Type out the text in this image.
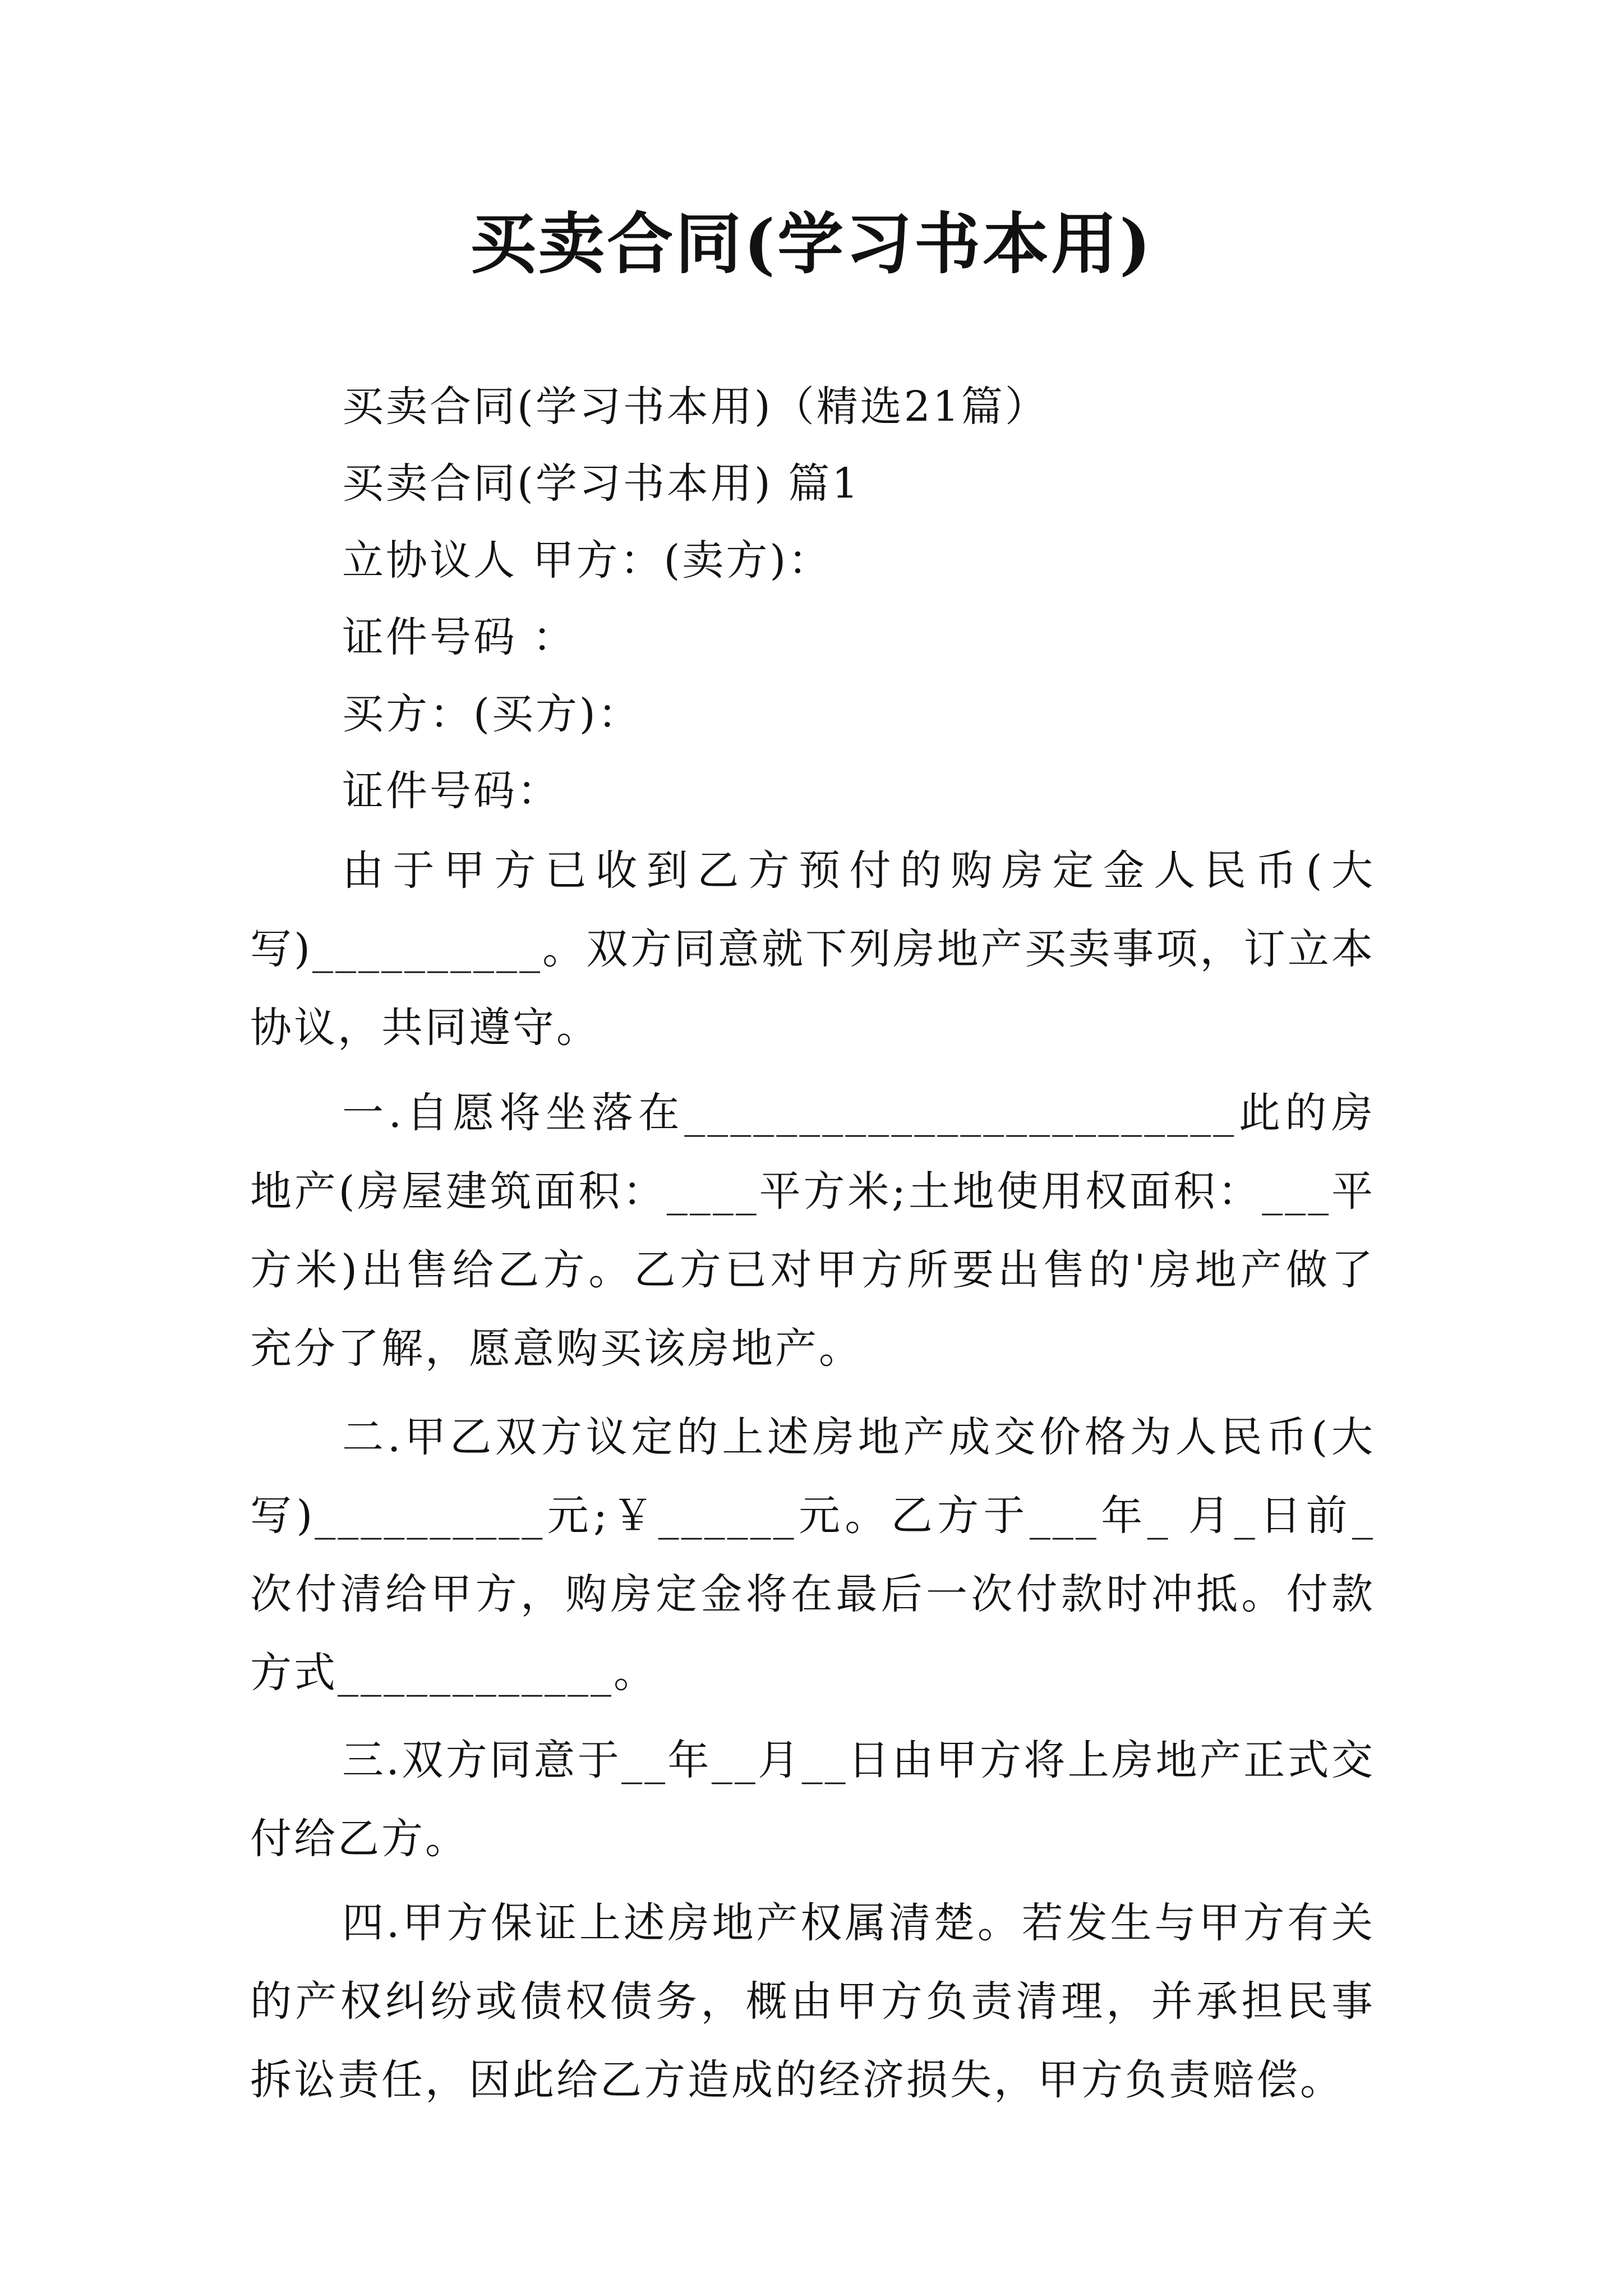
买卖合同(学习书本用)
买卖合同(学习书本用)（精选21篇）
买卖合同(学习书本用) 篇1
立协议人 甲方：(卖方)：
证件号码 ：
买方：(买方)：
证件号码：
由于甲方已收到乙方预付的购房定金人民币(大写)__________。双方同意就下列房地产买卖事项，订立本协议，共同遵守。
一.自愿将坐落在________________________此的房地产(房屋建筑面积：____平方米;土地使用权面积：___平方米)出售给乙方。乙方已对甲方所要出售的'房地产做了充分了解，愿意购买该房地产。
二.甲乙双方议定的上述房地产成交价格为人民币(大写)__________元;￥______元。乙方于___年_ 月_日前_ 次付清给甲方，购房定金将在最后一次付款时冲抵。付款方式____________。
三.双方同意于__年__月__日由甲方将上房地产正式交付给乙方。
四.甲方保证上述房地产权属清楚。若发生与甲方有关的产权纠纷或债权债务，概由甲方负责清理，并承担民事拆讼责任，因此给乙方造成的经济损失，甲方负责赔偿。
